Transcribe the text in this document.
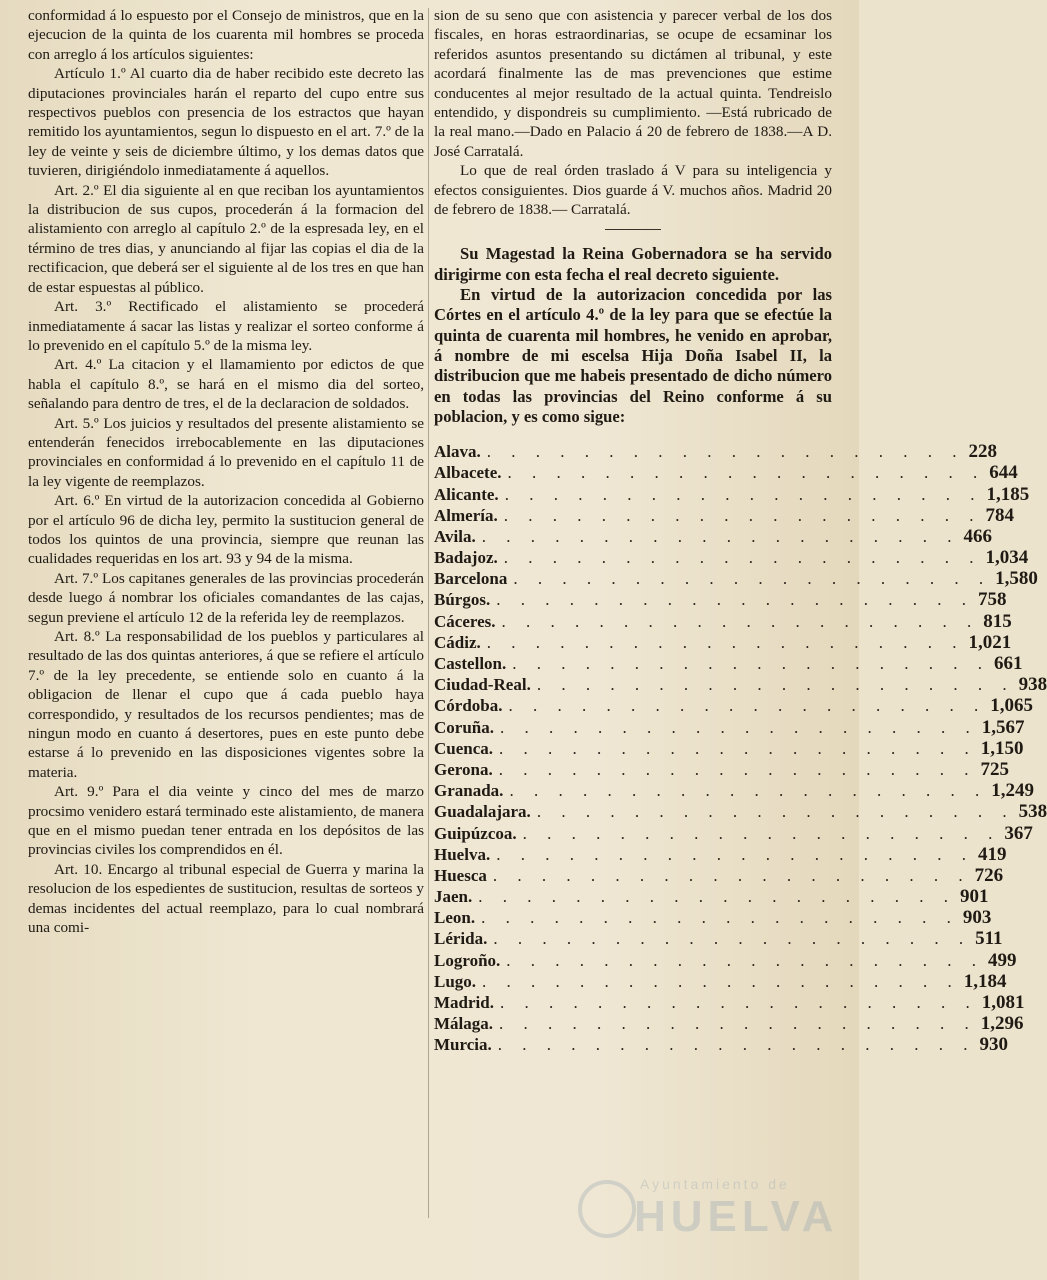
conformidad á lo espuesto por el Consejo de ministros, que en la ejecucion de la quinta de los cuarenta mil hombres se proceda con arreglo á los artículos siguientes:

Artículo 1.º Al cuarto dia de haber recibido este decreto las diputaciones provinciales harán el reparto del cupo entre sus respectivos pueblos con presencia de los estractos que hayan remitido los ayuntamientos, segun lo dispuesto en el art. 7.º de la ley de veinte y seis de diciembre último, y los demas datos que tuvieren, dirigiéndolo inmediatamente á aquellos.

Art. 2.º El dia siguiente al en que reciban los ayuntamientos la distribucion de sus cupos, procederán á la formacion del alistamiento con arreglo al capítulo 2.º de la espresada ley, en el término de tres dias, y anunciando al fijar las copias el dia de la rectificacion, que deberá ser el siguiente al de los tres en que han de estar espuestas al público.

Art. 3.º Rectificado el alistamiento se procederá inmediatamente á sacar las listas y realizar el sorteo conforme á lo prevenido en el capítulo 5.º de la misma ley.

Art. 4.º La citacion y el llamamiento por edictos de que habla el capítulo 8.º, se hará en el mismo dia del sorteo, señalando para dentro de tres, el de la declaracion de soldados.

Art. 5.º Los juicios y resultados del presente alistamiento se entenderán fenecidos irrebocablemente en las diputaciones provinciales en conformidad á lo prevenido en el capítulo 11 de la ley vigente de reemplazos.

Art. 6.º En virtud de la autorizacion concedida al Gobierno por el artículo 96 de dicha ley, permito la sustitucion general de todos los quintos de una provincia, siempre que reunan las cualidades requeridas en los art. 93 y 94 de la misma.

Art. 7.º Los capitanes generales de las provincias procederán desde luego á nombrar los oficiales comandantes de las cajas, segun previene el artículo 12 de la referida ley de reemplazos.

Art. 8.º La responsabilidad de los pueblos y particulares al resultado de las dos quintas anteriores, á que se refiere el artículo 7.º de la ley precedente, se entiende solo en cuanto á la obligacion de llenar el cupo que á cada pueblo haya correspondido, y resultados de los recursos pendientes; mas de ningun modo en cuanto á desertores, pues en este punto debe estarse á lo prevenido en las disposiciones vigentes sobre la materia.

Art. 9.º Para el dia veinte y cinco del mes de marzo procsimo venidero estará terminado este alistamiento, de manera que en el mismo puedan tener entrada en los depósitos de las provincias civiles los comprendidos en él.

Art. 10. Encargo al tribunal especial de Guerra y marina la resolucion de los espedientes de sustitucion, resultas de sorteos y demas incidentes del actual reemplazo, para lo cual nombrará una comi-

sion de su seno que con asistencia y parecer verbal de los dos fiscales, en horas estraordinarias, se ocupe de ecsaminar los referidos asuntos presentando su dictámen al tribunal, y este acordará finalmente las de mas prevenciones que estime conducentes al mejor resultado de la actual quinta. Tendreislo entendido, y dispondreis su cumplimiento. —Está rubricado de la real mano.—Dado en Palacio á 20 de febrero de 1838.—A D. José Carratalá.

Lo que de real órden traslado á V para su inteligencia y efectos consiguientes. Dios guarde á V. muchos años. Madrid 20 de febrero de 1838.— Carratalá.

Su Magestad la Reina Gobernadora se ha servido dirigirme con esta fecha el real decreto siguiente.

En virtud de la autorizacion concedida por las Córtes en el artículo 4.º de la ley para que se efectúe la quinta de cuarenta mil hombres, he venido en aprobar, á nombre de mi escelsa Hija Doña Isabel II, la distribucion que me habeis presentado de dicho número en todas las provincias del Reino conforme á su poblacion, y es como sigue:

Alava. . . . . . . . . . . . . . . . . . . . . 228
Albacete. . . . . . . . . . . . . . . . . . . . . 644
Alicante. . . . . . . . . . . . . . . . . . . . . 1,185
Almería. . . . . . . . . . . . . . . . . . . . . 784
Avila. . . . . . . . . . . . . . . . . . . . . 466
Badajoz. . . . . . . . . . . . . . . . . . . . . 1,034
Barcelona . . . . . . . . . . . . . . . . . . . . 1,580
Búrgos. . . . . . . . . . . . . . . . . . . . . 758
Cáceres. . . . . . . . . . . . . . . . . . . . . 815
Cádiz. . . . . . . . . . . . . . . . . . . . . 1,021
Castellon. . . . . . . . . . . . . . . . . . . . . 661
Ciudad-Real. . . . . . . . . . . . . . . . . . . . . 938
Córdoba. . . . . . . . . . . . . . . . . . . . . 1,065
Coruña. . . . . . . . . . . . . . . . . . . . . 1,567
Cuenca. . . . . . . . . . . . . . . . . . . . . 1,150
Gerona. . . . . . . . . . . . . . . . . . . . . 725
Granada. . . . . . . . . . . . . . . . . . . . . 1,249
Guadalajara. . . . . . . . . . . . . . . . . . . . . 538
Guipúzcoa. . . . . . . . . . . . . . . . . . . . . 367
Huelva. . . . . . . . . . . . . . . . . . . . . 419
Huesca . . . . . . . . . . . . . . . . . . . . 726
Jaen. . . . . . . . . . . . . . . . . . . . . 901
Leon. . . . . . . . . . . . . . . . . . . . . 903
Lérida. . . . . . . . . . . . . . . . . . . . . 511
Logroño. . . . . . . . . . . . . . . . . . . . . 499
Lugo. . . . . . . . . . . . . . . . . . . . . 1,184
Madrid. . . . . . . . . . . . . . . . . . . . . 1,081
Málaga. . . . . . . . . . . . . . . . . . . . . 1,296
Murcia. . . . . . . . . . . . . . . . . . . . . 930
Ayuntamiento de
HUELVA
